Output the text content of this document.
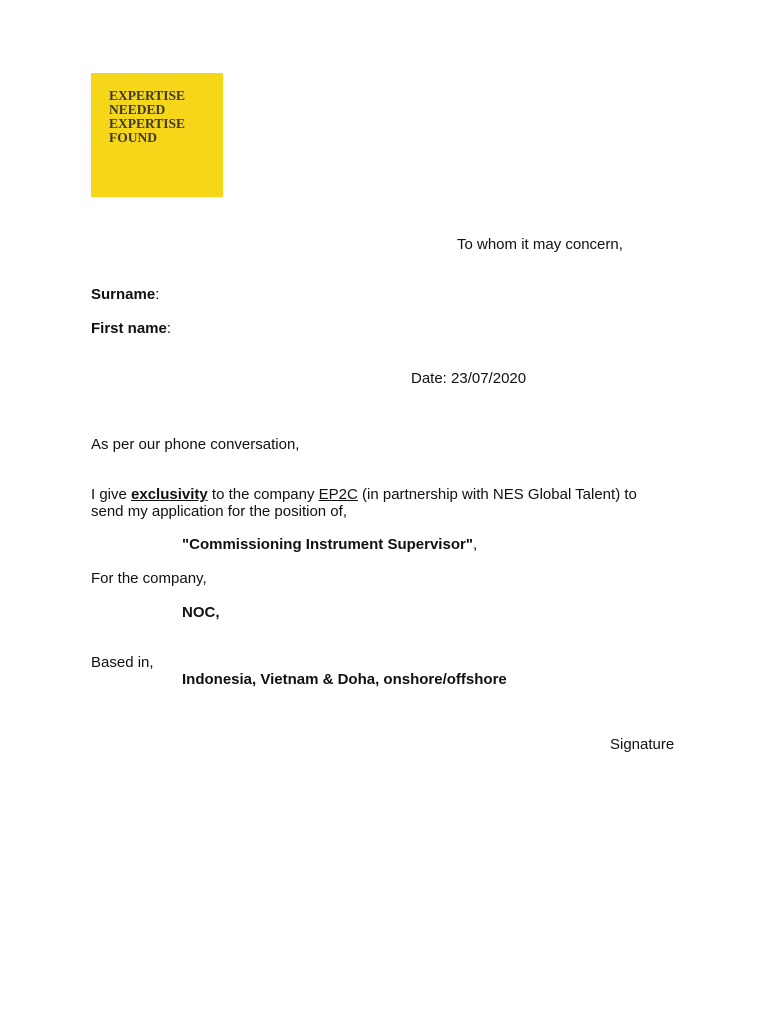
EXPERTISE
NEEDED
EXPERTISE
FOUND
To whom it may concern,
Surname:
First name:
Date: 23/07/2020
As per our phone conversation,
I give exclusivity to the company EP2C (in partnership with NES Global Talent) to
send my application for the position of,
"Commissioning Instrument Supervisor",
For the company,
NOC,
Based in,
Indonesia, Vietnam & Doha, onshore/offshore
Signature
